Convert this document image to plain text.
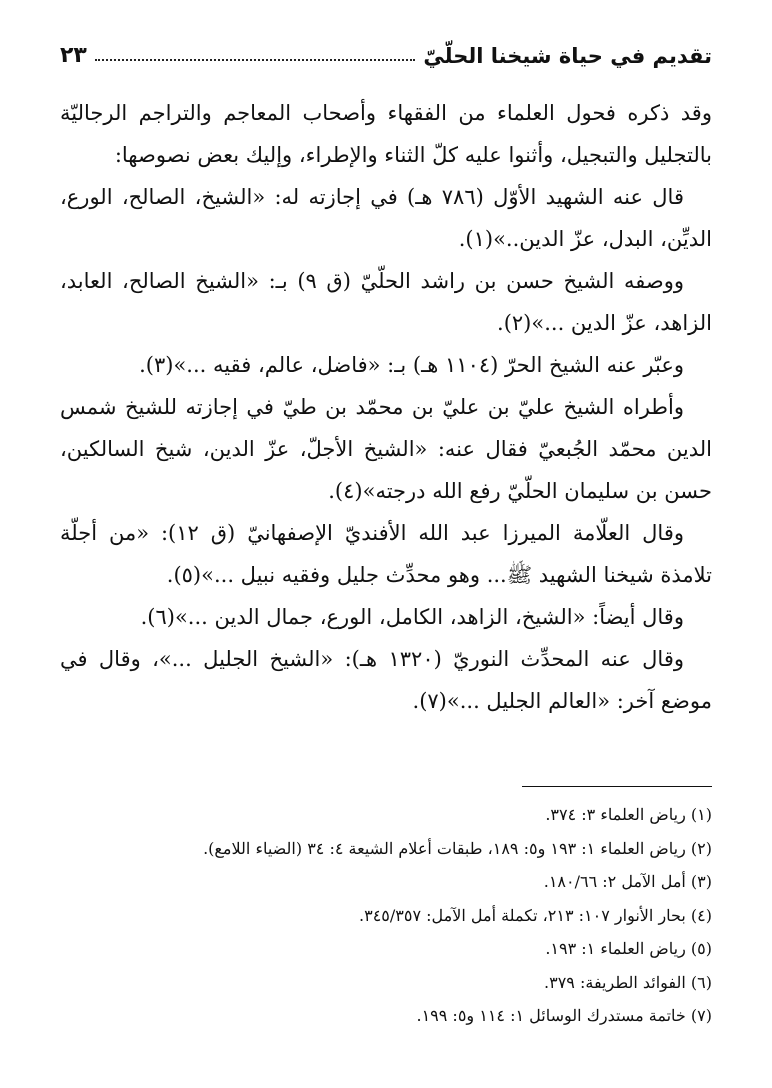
تقديم في حياة شيخنا الحلّيّ
٢٣

وقد ذكره فحول العلماء من الفقهاء وأصحاب المعاجم والتراجم الرجاليّة بالتجليل والتبجيل، وأثنوا عليه كلّ الثناء والإطراء، وإليك بعض نصوصها:

قال عنه الشهيد الأوّل (٧٨٦ هـ) في إجازته له: «الشيخ، الصالح، الورع، الديِّن، البدل، عزّ الدين..»(١).

ووصفه الشيخ حسن بن راشد الحلّيّ (ق ٩) بـ: «الشيخ الصالح، العابد، الزاهد، عزّ الدين ...»(٢).

وعبّر عنه الشيخ الحرّ (١١٠٤ هـ) بـ: «فاضل، عالم، فقيه ...»(٣).

وأطراه الشيخ عليّ بن عليّ بن محمّد بن طيّ في إجازته للشيخ شمس الدين محمّد الجُبعيّ فقال عنه: «الشيخ الأجلّ، عزّ الدين، شيخ السالكين، حسن بن سليمان الحلّيّ رفع الله درجته»(٤).

وقال العلّامة الميرزا عبد الله الأفنديّ الإصفهانيّ (ق ١٢): «من أجلّة تلامذة شيخنا الشهيد ﷺ... وهو محدِّث جليل وفقيه نبيل ...»(٥).

وقال أيضاً: «الشيخ، الزاهد، الكامل، الورع، جمال الدين ...»(٦).

وقال عنه المحدِّث النوريّ (١٣٢٠ هـ): «الشيخ الجليل ...»، وقال في موضع آخر: «العالم الجليل ...»(٧).

(١) رياض العلماء ٣: ٣٧٤.
(٢) رياض العلماء ١: ١٩٣ و٥: ١٨٩، طبقات أعلام الشيعة ٤: ٣٤ (الضياء اللامع).
(٣) أمل الآمل ٢: ١٨٠/٦٦.
(٤) بحار الأنوار ١٠٧: ٢١٣، تكملة أمل الآمل: ٣٤٥/٣٥٧.
(٥) رياض العلماء ١: ١٩٣.
(٦) الفوائد الطريفة: ٣٧٩.
(٧) خاتمة مستدرك الوسائل ١: ١١٤ و٥: ١٩٩.
